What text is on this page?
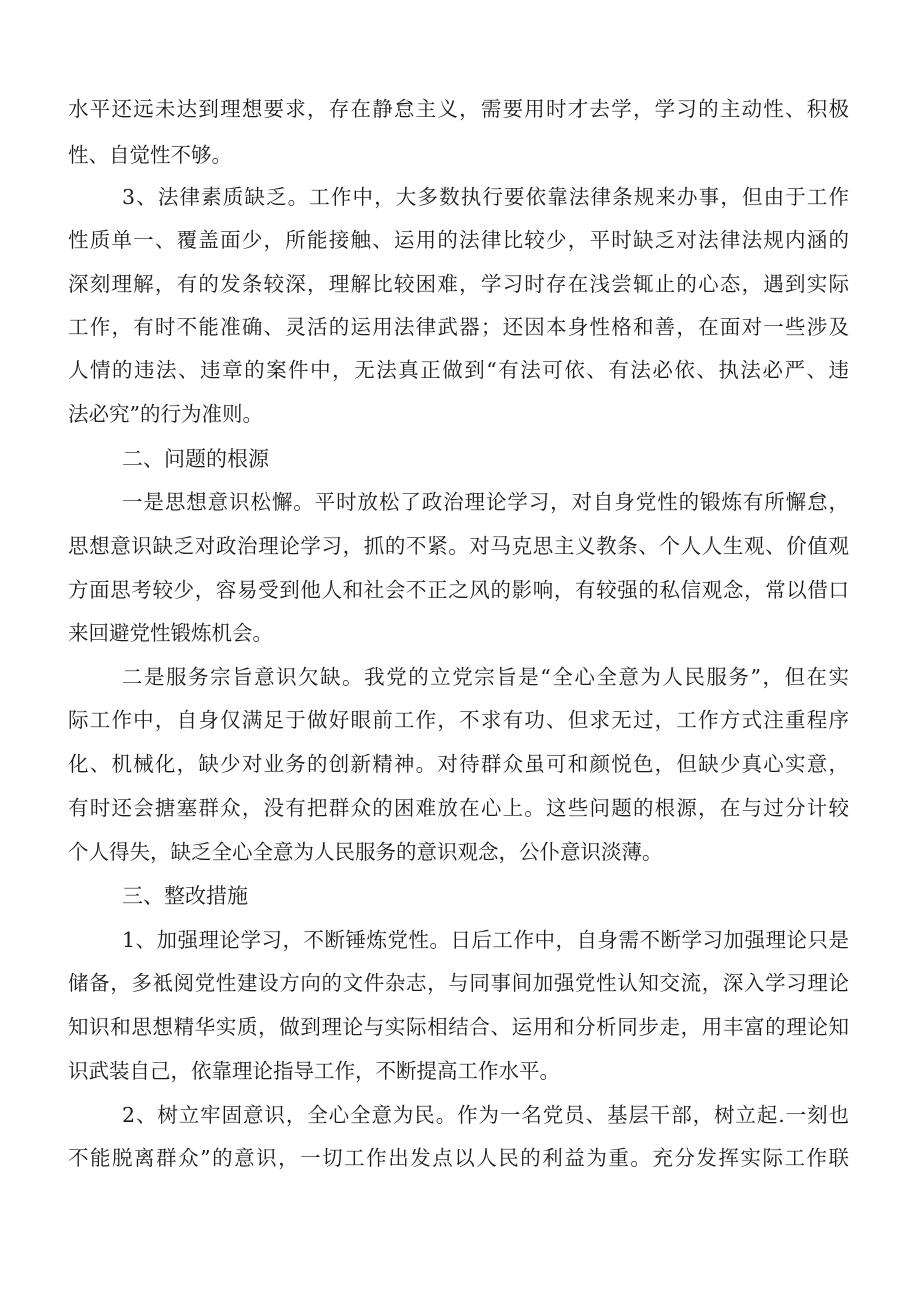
水平还远未达到理想要求，存在静怠主义，需要用时才去学，学习的主动性、积极
性、自觉性不够。
3、法律素质缺乏。工作中，大多数执行要依靠法律条规来办事，但由于工作
性质单一、覆盖面少，所能接触、运用的法律比较少，平时缺乏对法律法规内涵的
深刻理解，有的发条较深，理解比较困难，学习时存在浅尝辄止的心态，遇到实际
工作，有时不能准确、灵活的运用法律武器；还因本身性格和善，在面对一些涉及
人情的违法、违章的案件中，无法真正做到“有法可依、有法必依、执法必严、违
法必究”的行为准则。
二、问题的根源
一是思想意识松懈。平时放松了政治理论学习，对自身党性的锻炼有所懈怠，
思想意识缺乏对政治理论学习，抓的不紧。对马克思主义教条、个人人生观、价值观
方面思考较少，容易受到他人和社会不正之风的影响，有较强的私信观念，常以借口
来回避党性锻炼机会。
二是服务宗旨意识欠缺。我党的立党宗旨是“全心全意为人民服务”，但在实
际工作中，自身仅满足于做好眼前工作，不求有功、但求无过，工作方式注重程序
化、机械化，缺少对业务的创新精神。对待群众虽可和颜悦色，但缺少真心实意，
有时还会搪塞群众，没有把群众的困难放在心上。这些问题的根源，在与过分计较
个人得失，缺乏全心全意为人民服务的意识观念，公仆意识淡薄。
三、整改措施
1、加强理论学习，不断锤炼党性。日后工作中，自身需不断学习加强理论只是
储备，多袛阅党性建设方向的文件杂志，与同事间加强党性认知交流，深入学习理论
知识和思想精华实质，做到理论与实际相结合、运用和分析同步走，用丰富的理论知
识武装自己，依靠理论指导工作，不断提高工作水平。
2、树立牢固意识，全心全意为民。作为一名党员、基层干部，树立起.一刻也
不能脱离群众”的意识，一切工作出发点以人民的利益为重。充分发挥实际工作联
